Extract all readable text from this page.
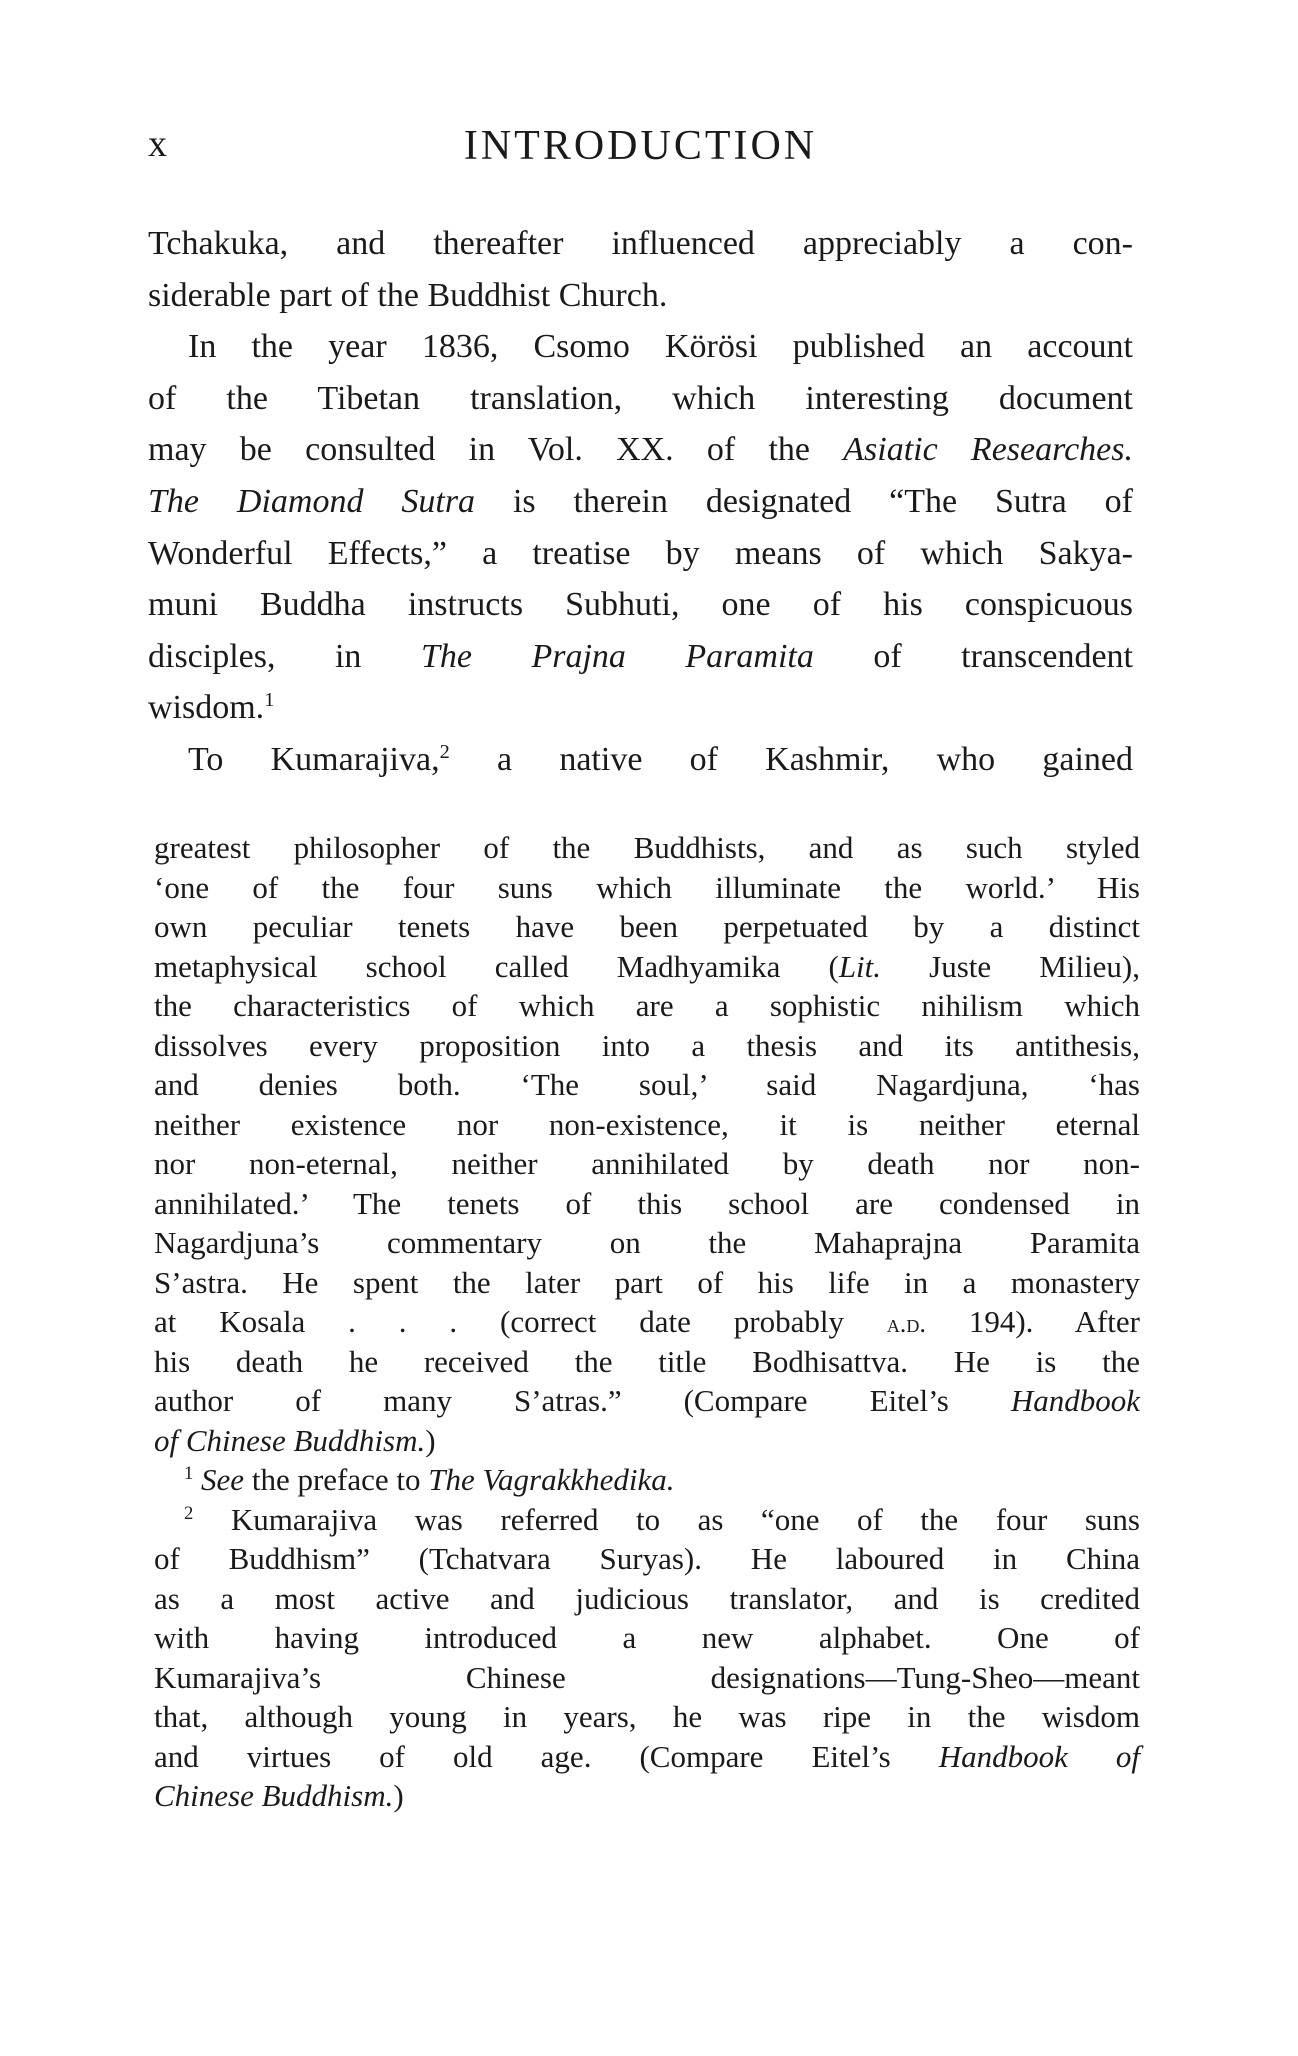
x	INTRODUCTION
Tchakuka, and thereafter influenced appreciably a con-
siderable part of the Buddhist Church.
In the year 1836, Csomo Körösi published an account
of the Tibetan translation, which interesting document
may be consulted in Vol. XX. of the Asiatic Researches.
The Diamond Sutra is therein designated “The Sutra of
Wonderful Effects,” a treatise by means of which Sakya-
muni Buddha instructs Subhuti, one of his conspicuous
disciples, in The Prajna Paramita of transcendent
wisdom.$^1$
To Kumarajiva,$^2$ a native of Kashmir, who gained
greatest philosopher of the Buddhists, and as such styled
‘one of the four suns which illuminate the world.’ His
own peculiar tenets have been perpetuated by a distinct
metaphysical school called Madhyamika (Lit. Juste Milieu),
the characteristics of which are a sophistic nihilism which
dissolves every proposition into a thesis and its antithesis,
and denies both. ‘The soul,’ said Nagardjuna, ‘has
neither existence nor non-existence, it is neither eternal
nor non-eternal, neither annihilated by death nor non-
annihilated.’ The tenets of this school are condensed in
Nagardjuna’s commentary on the Mahaprajna Paramita
S’astra. He spent the later part of his life in a monastery
at Kosala . . . (correct date probably a.d. 194). After
his death he received the title Bodhisattva. He is the
author of many S’atras.” (Compare Eitel’s Handbook
of Chinese Buddhism.)
$^1$ See the preface to The Vagrakkhedika.
$^2$ Kumarajiva was referred to as “one of the four suns
of Buddhism” (Tchatvara Suryas). He laboured in China
as a most active and judicious translator, and is credited
with having introduced a new alphabet. One of
Kumarajiva’s Chinese designations—Tung-Sheo—meant
that, although young in years, he was ripe in the wisdom
and virtues of old age. (Compare Eitel’s Handbook of
Chinese Buddhism.)
